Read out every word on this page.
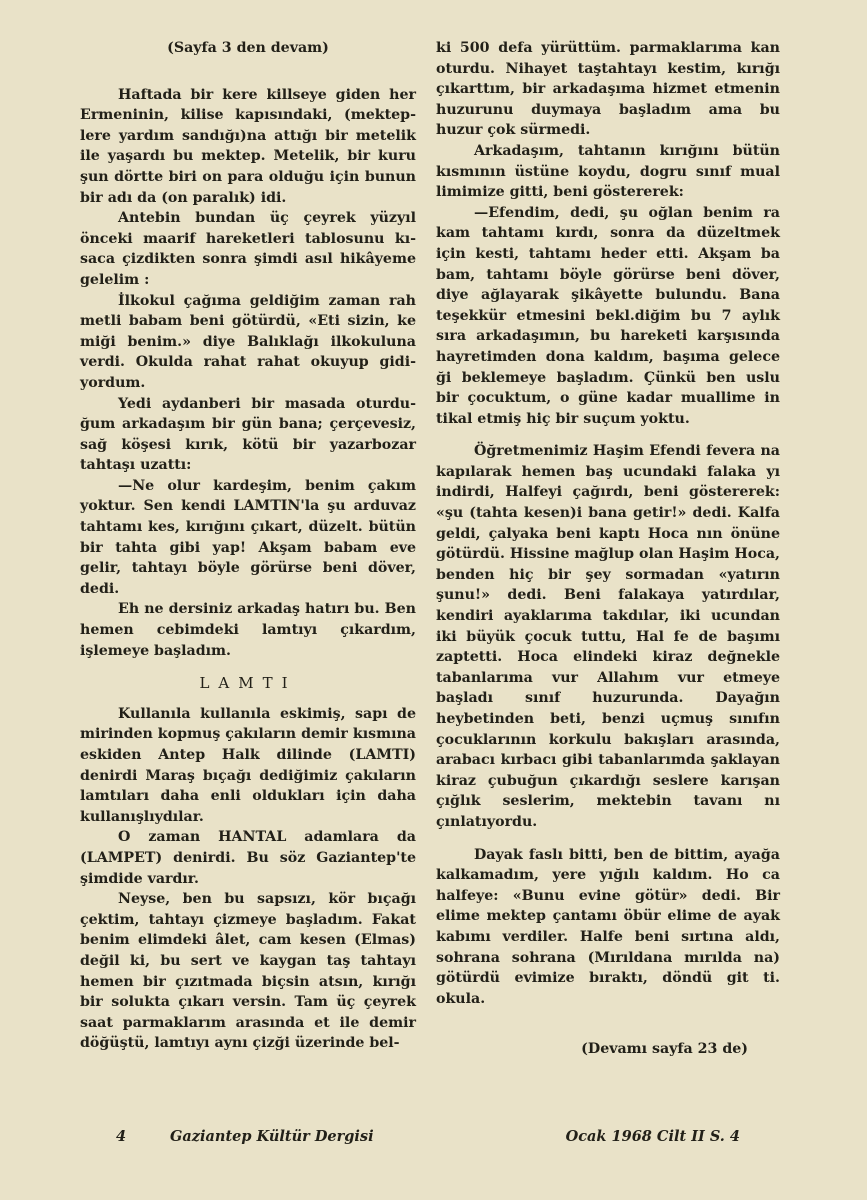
(Sayfa 3 den devam)

Haftada bir kere killseye giden her Ermeninin, kilise kapısındaki, (mekteplere yardım sandığı)na attığı bir metelik ile yaşardı bu mektep. Metelik, bir kuru şun dörtte biri on para olduğu için bunun bir adı da (on paralık) idi.

Antebin bundan üç çeyrek yüzyıl önceki maarif hareketleri tablosunu kısaca çizdikten sonra şimdi asıl hikâyeme gelelim :

İlkokul çağıma geldiğim zaman rah metli babam beni götürdü, «Eti sizin, ke miği benim.» diye Balıklağı ilkokuluna verdi. Okulda rahat rahat okuyup gidiyordum.

Yedi aydanberi bir masada oturduğum arkadaşım bir gün bana; çerçevesiz, sağ köşesi kırık, kötü bir yazarbozar tahtaşı uzattı:

—Ne olur kardeşim, benim çakım yoktur. Sen kendi LAMTIN'la şu arduvaz tahtamı kes, kırığını çıkart, düzelt. bütün bir tahta gibi yap! Akşam babam eve gelir, tahtayı böyle görürse beni döver, dedi.

Eh ne dersiniz arkadaş hatırı bu. Ben hemen cebimdeki lamtıyı çıkardım, işlemeye başladım.

LAMTI

Kullanıla kullanıla eskimiş, sapı de mirinden kopmuş çakıların demir kısmına eskiden Antep Halk dilinde (LAMTI) denirdi Maraş bıçağı dediğimiz çakıların lamtıları daha enli oldukları için daha kullanışlıydılar.

O zaman HANTAL adamlara da (LAMPET) denirdi. Bu söz Gaziantep'te şimdide vardır.

Neyse, ben bu sapsızı, kör bıçağı çektim, tahtayı çizmeye başladım. Fakat benim elimdeki âlet, cam kesen (Elmas) değil ki, bu sert ve kaygan taş tahtayı hemen bir çızıtmada biçsin atsın, kırığı bir solukta çıkarı versin. Tam üç çeyrek saat parmaklarım arasında et ile demir döğüştü, lamtıyı aynı çizği üzerinde bel-

ki 500 defa yürüttüm. parmaklarıma kan oturdu. Nihayet taştahtayı kestim, kırığı çıkarttım, bir arkadaşıma hizmet etmenin huzurunu duymaya başladım ama bu huzur çok sürmedi.

Arkadaşım, tahtanın kırığını bütün kısmının üstüne koydu, dogru sınıf mual limimize gitti, beni göstererek:

—Efendim, dedi, şu oğlan benim ra kam tahtamı kırdı, sonra da düzeltmek için kesti, tahtamı heder etti. Akşam ba bam, tahtamı böyle görürse beni döver, diye ağlayarak şikâyette bulundu. Bana teşekkür etmesini bekl.diğim bu 7 aylık sıra arkadaşımın, bu hareketi karşısında hayretimden dona kaldım, başıma gelece ği beklemeye başladım. Çünkü ben uslu bir çocuktum, o güne kadar muallime in tikal etmiş hiç bir suçum yoktu.

Öğretmenimiz Haşim Efendi fevera na kapılarak hemen baş ucundaki falaka yı indirdi, Halfeyi çağırdı, beni göstererek: «şu (tahta kesen)i bana getir!» dedi. Kalfa geldi, çalyaka beni kaptı Hoca nın önüne götürdü. Hissine mağlup olan Haşim Hoca, benden hiç bir şey sormadan «yatırın şunu!» dedi. Beni falakaya yatırdılar, kendiri ayaklarıma takdılar, iki ucundan iki büyük çocuk tuttu, Hal fe de başımı zaptetti. Hoca elindeki kiraz değnekle tabanlarıma vur Allahım vur etmeye başladı sınıf huzurunda. Dayağın heybetinden beti, benzi uçmuş sınıfın çocuklarının korkulu bakışları arasında, arabacı kırbacı gibi tabanlarımda şaklayan kiraz çubuğun çıkardığı seslere karışan çığlık seslerim, mektebin tavanı nı çınlatıyordu.

Dayak faslı bitti, ben de bittim, ayağa kalkamadım, yere yığılı kaldım. Ho ca halfeye: «Bunu evine götür» dedi. Bir elime mektep çantamı öbür elime de ayak kabımı verdiler. Halfe beni sırtına aldı, sohrana sohrana (Mırıldana mırılda na) götürdü evimize bıraktı, döndü git ti. okula.

(Devamı sayfa 23 de)
4	Gaziantep Kültür Dergisi	Ocak 1968 Cilt II S. 4
